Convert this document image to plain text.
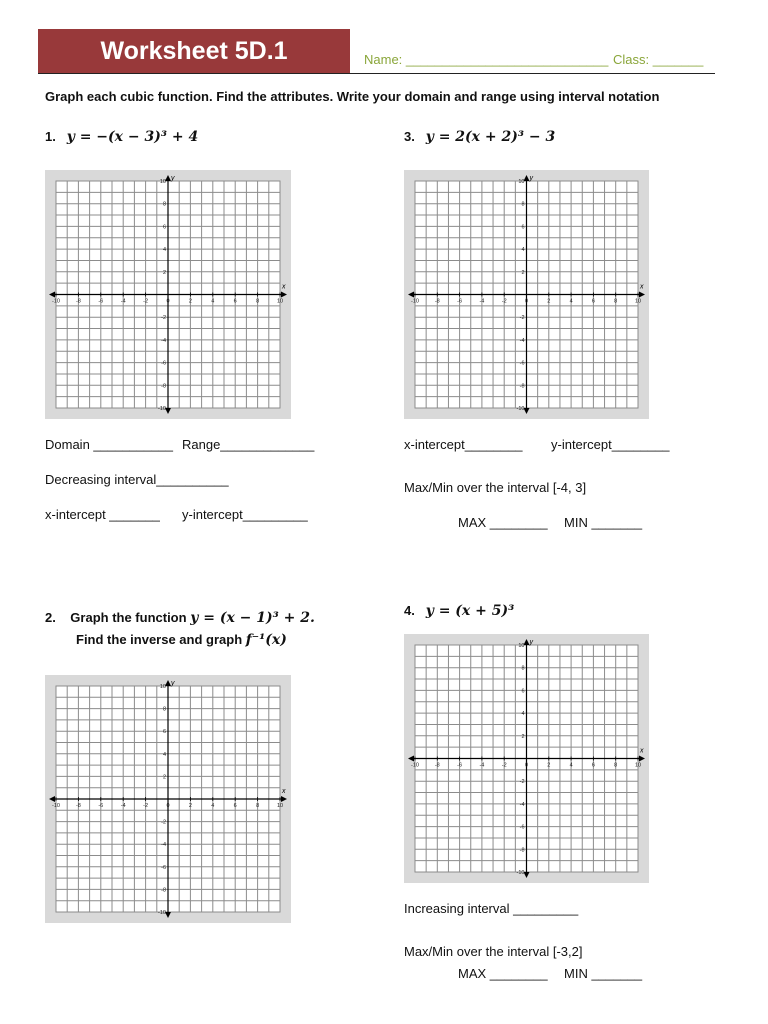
Worksheet 5D.1	Name: ____________________________ Class: _______
Graph each cubic function. Find the attributes. Write your domain and range using interval notation
1. y = −(x − 3)³ + 4
x
y
-10	-8	-6	-4	-2	0	2	4	6	8	10
10
8
6
4
2
-2
-4
-6
-8
-10
Domain ___________ Range_____________
Decreasing interval__________
x-intercept _______ y-intercept_________
2. Graph the function y = (x − 1)³ + 2.
Find the inverse and graph f⁻¹(x)
x
y
-10	-8	-6	-4	-2	0	2	4	6	8	10
10
8
6
4
2
-2
-4
-6
-8
-10
3. y = 2(x + 2)³ − 3
x
y
-10	-8	-6	-4	-2	0	2	4	6	8	10
10
8
6
4
2
-2
-4
-6
-8
-10
x-intercept________ y-intercept________
Max/Min over the interval [-4, 3]
MAX ________ MIN _______
4. y = (x + 5)³
x
y
-10	-8	-6	-4	-2	0	2	4	6	8	10
10
8
6
4
2
-2
-4
-6
-8
-10
Increasing interval _________
Max/Min over the interval [-3,2]
MAX ________ MIN _______
